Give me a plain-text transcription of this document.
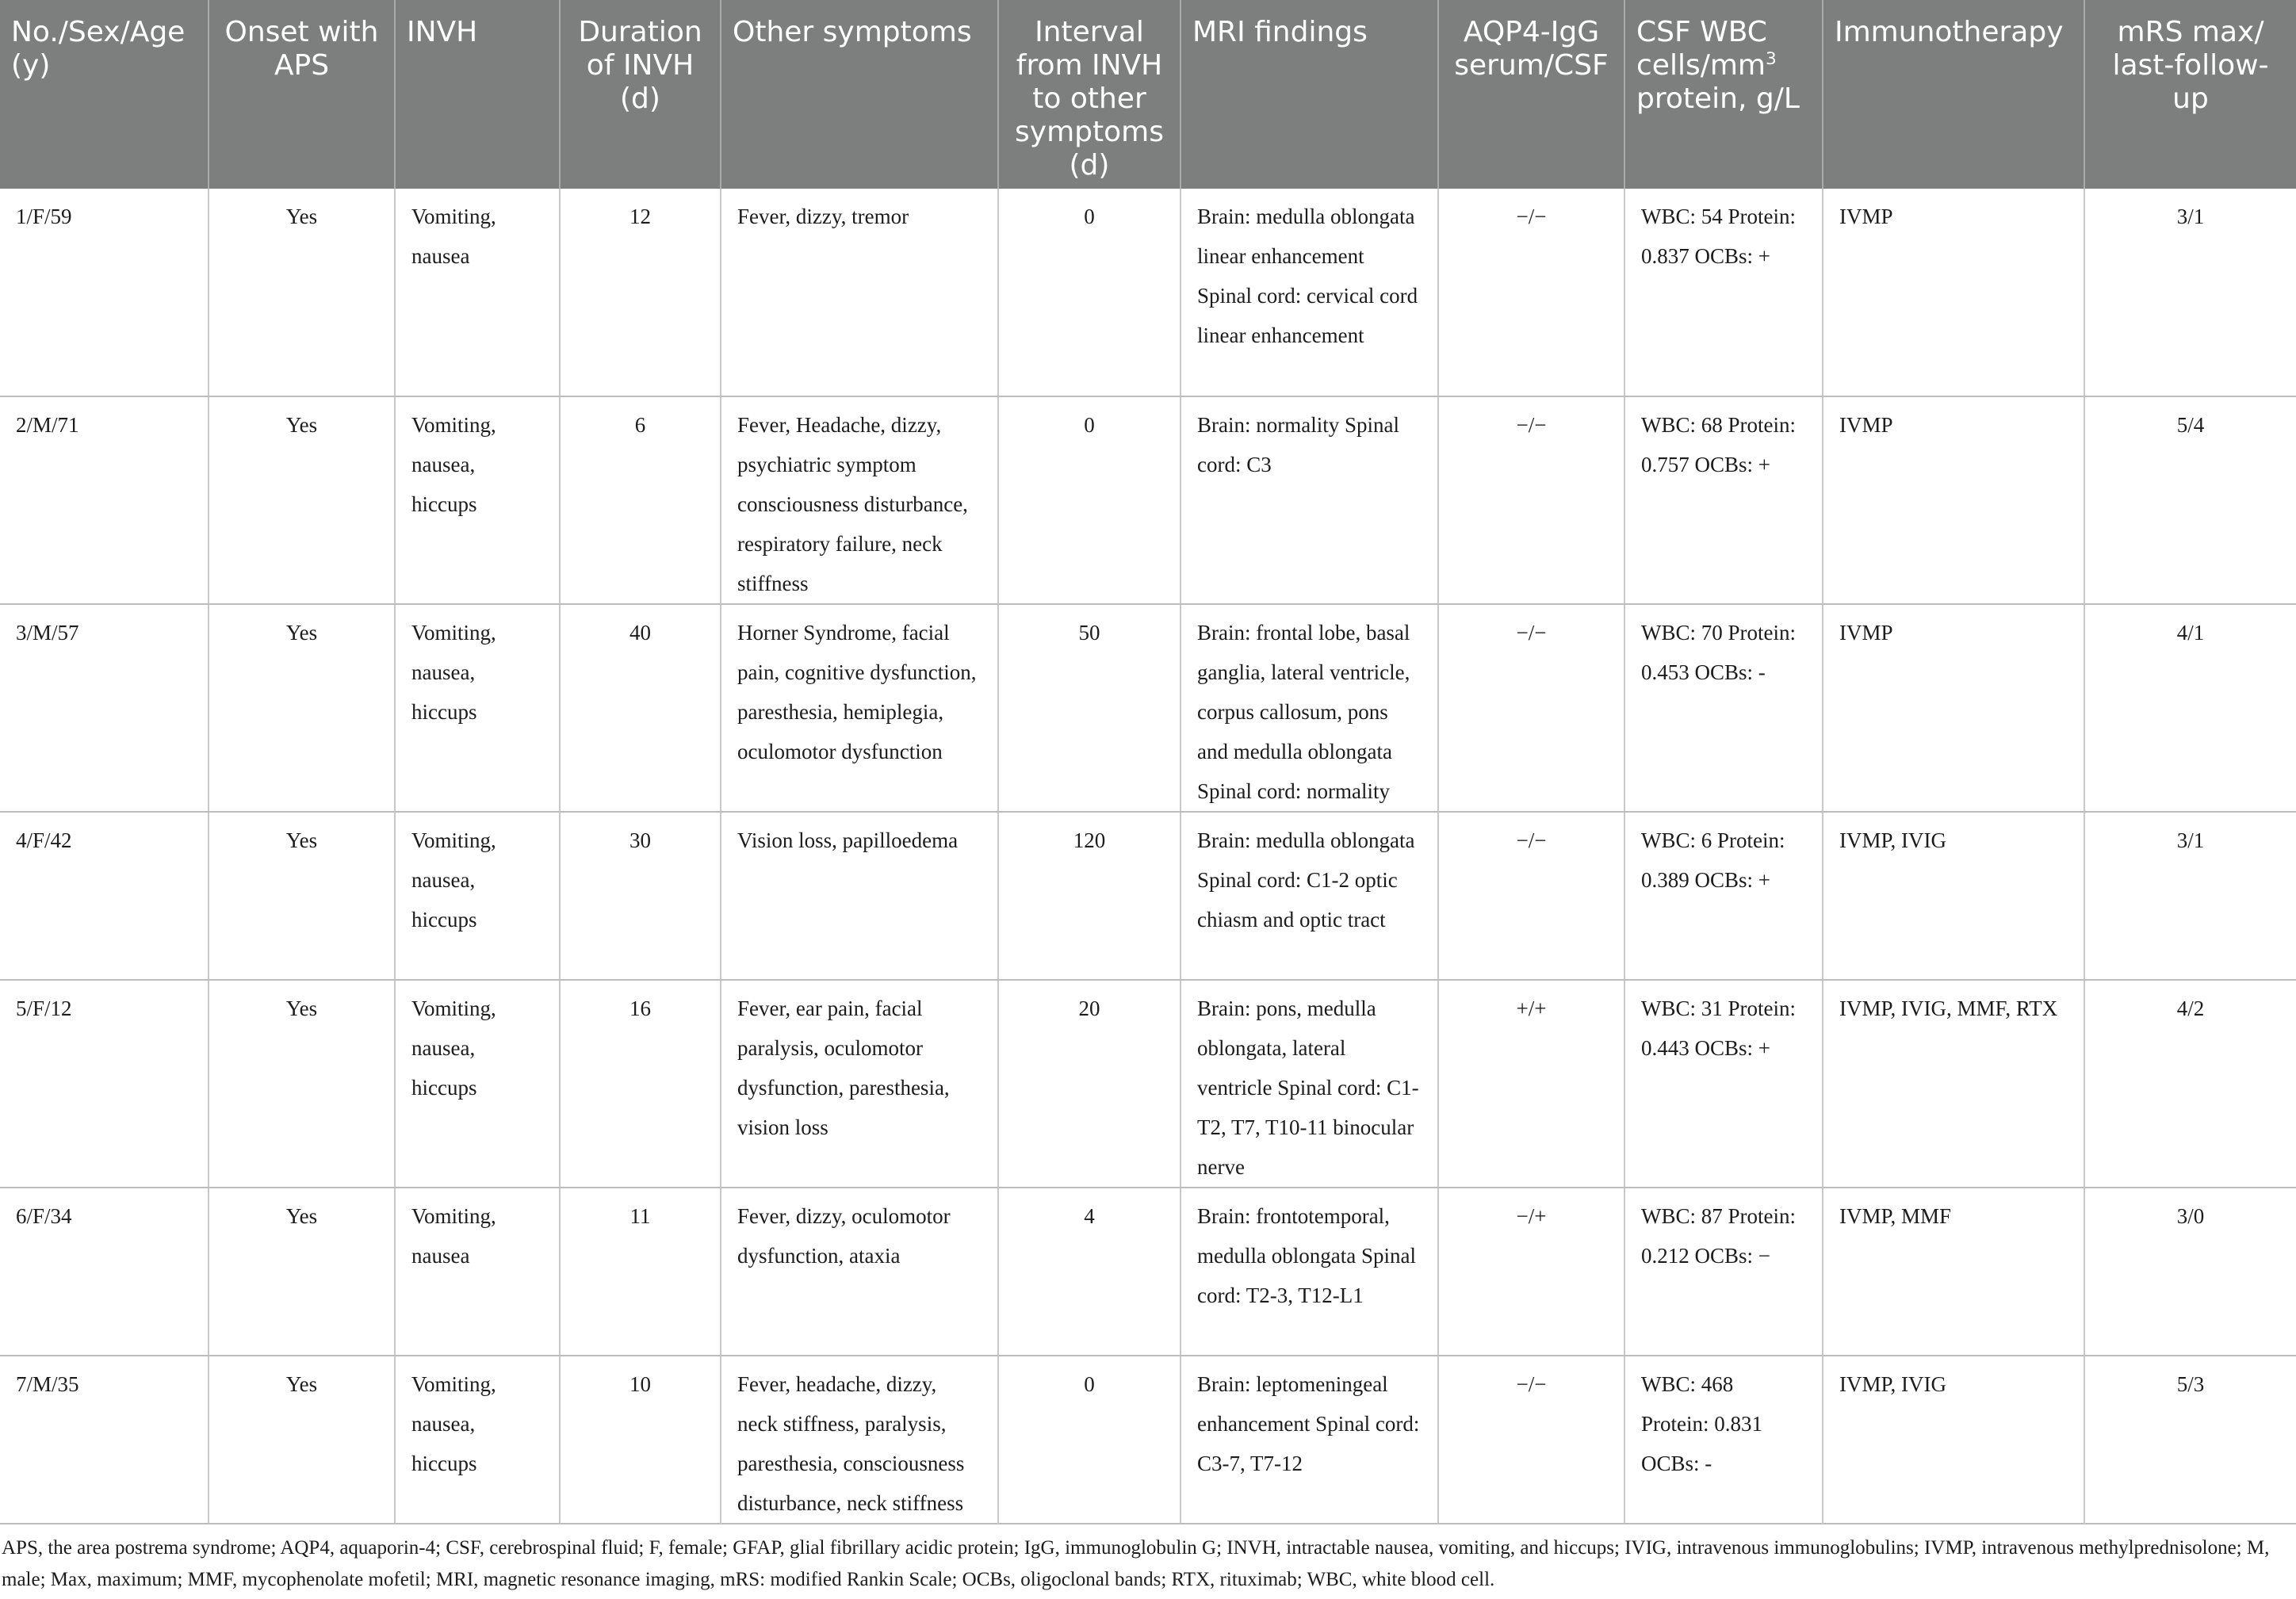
No./Sex/Age (y)	Onset with APS	INVH	Duration of INVH (d)	Other symptoms	Interval from INVH to other symptoms (d)	MRI findings	AQP4-IgG serum/CSF	CSF WBC cells/$mm^3$ protein, g/L	Immunotherapy	mRS max/ last-follow-up
1/F/59	Yes	Vomiting, nausea	12	Fever, dizzy, tremor	0	Brain: medulla oblongata linear enhancement Spinal cord: cervical cord linear enhancement	−/−	WBC: 54 Protein: 0.837 OCBs: +	IVMP	3/1
2/M/71	Yes	Vomiting, nausea, hiccups	6	Fever, Headache, dizzy, psychiatric symptom consciousness disturbance, respiratory failure, neck stiffness	0	Brain: normality Spinal cord: C3	−/−	WBC: 68 Protein: 0.757 OCBs: +	IVMP	5/4
3/M/57	Yes	Vomiting, nausea, hiccups	40	Horner Syndrome, facial pain, cognitive dysfunction, paresthesia, hemiplegia, oculomotor dysfunction	50	Brain: frontal lobe, basal ganglia, lateral ventricle, corpus callosum, pons and medulla oblongata Spinal cord: normality	−/−	WBC: 70 Protein: 0.453 OCBs: -	IVMP	4/1
4/F/42	Yes	Vomiting, nausea, hiccups	30	Vision loss, papilloedema	120	Brain: medulla oblongata Spinal cord: C1-2 optic chiasm and optic tract	−/−	WBC: 6 Protein: 0.389 OCBs: +	IVMP, IVIG	3/1
5/F/12	Yes	Vomiting, nausea, hiccups	16	Fever, ear pain, facial paralysis, oculomotor dysfunction, paresthesia, vision loss	20	Brain: pons, medulla oblongata, lateral ventricle Spinal cord: C1-T2, T7, T10-11 binocular nerve	+/+	WBC: 31 Protein: 0.443 OCBs: +	IVMP, IVIG, MMF, RTX	4/2
6/F/34	Yes	Vomiting, nausea	11	Fever, dizzy, oculomotor dysfunction, ataxia	4	Brain: frontotemporal, medulla oblongata Spinal cord: T2-3, T12-L1	−/+	WBC: 87 Protein: 0.212 OCBs: −	IVMP, MMF	3/0
7/M/35	Yes	Vomiting, nausea, hiccups	10	Fever, headache, dizzy, neck stiffness, paralysis, paresthesia, consciousness disturbance, neck stiffness	0	Brain: leptomeningeal enhancement Spinal cord: C3-7, T7-12	−/−	WBC: 468 Protein: 0.831 OCBs: -	IVMP, IVIG	5/3
APS, the area postrema syndrome; AQP4, aquaporin-4; CSF, cerebrospinal fluid; F, female; GFAP, glial fibrillary acidic protein; IgG, immunoglobulin G; INVH, intractable nausea, vomiting, and hiccups; IVIG, intravenous immunoglobulins; IVMP, intravenous methylprednisolone; M, male; Max, maximum; MMF, mycophenolate mofetil; MRI, magnetic resonance imaging, mRS: modified Rankin Scale; OCBs, oligoclonal bands; RTX, rituximab; WBC, white blood cell.
